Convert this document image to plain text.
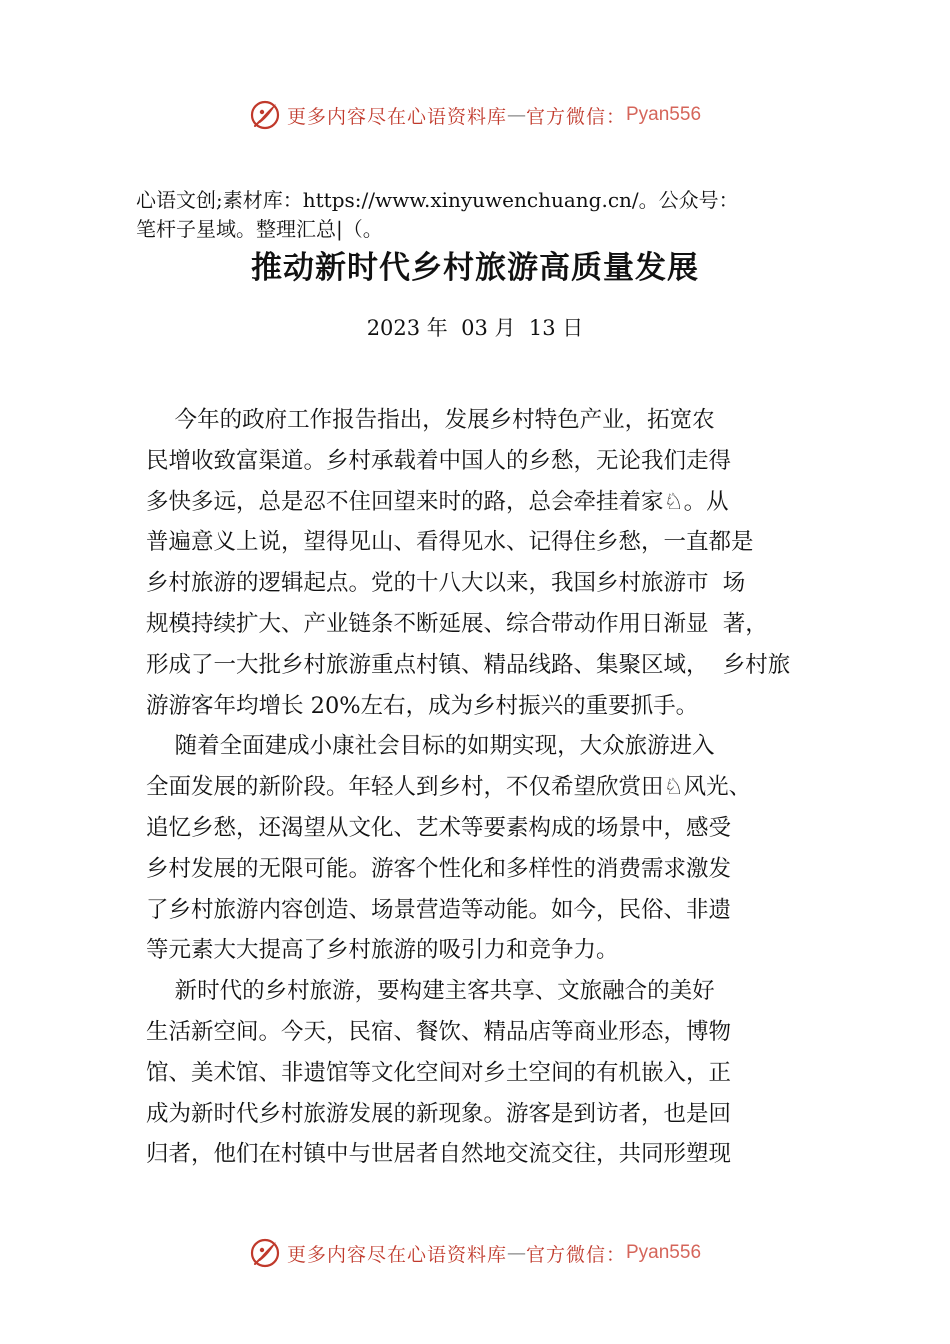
更多内容尽在心语资料库 — 官方微信： Pyan556
心语文创;素材库：https://www.xinyuwenchuang.cn/。公众号：
笔杆子星域。整理汇总|（。
推动新时代乡村旅游高质量发展
2023 年  03 月  13 日

今年的政府工作报告指出，发展乡村特色产业，拓宽农
民增收致富渠道。乡村承载着中国人的乡愁，无论我们走得
多快多远，总是忍不住回望来时的路，总会牵挂着家♘。从
普遍意义上说，望得见山、看得见水、记得住乡愁，一直都是
乡村旅游的逻辑起点。党的十八大以来，我国乡村旅游市  场
规模持续扩大、产业链条不断延展、综合带动作用日渐显  著，
形成了一大批乡村旅游重点村镇、精品线路、集聚区域，  乡村旅
游游客年均增长 20%左右，成为乡村振兴的重要抓手。

随着全面建成小康社会目标的如期实现，大众旅游进入
全面发展的新阶段。年轻人到乡村，不仅希望欣赏田♘风光、
追忆乡愁，还渴望从文化、艺术等要素构成的场景中，感受
乡村发展的无限可能。游客个性化和多样性的消费需求激发
了乡村旅游内容创造、场景营造等动能。如今，民俗、非遗
等元素大大提高了乡村旅游的吸引力和竞争力。

新时代的乡村旅游，要构建主客共享、文旅融合的美好
生活新空间。今天，民宿、餐饮、精品店等商业形态，博物
馆、美术馆、非遗馆等文化空间对乡土空间的有机嵌入，正
成为新时代乡村旅游发展的新现象。游客是到访者，也是回
归者，他们在村镇中与世居者自然地交流交往，共同形塑现

更多内容尽在心语资料库 — 官方微信： Pyan556
